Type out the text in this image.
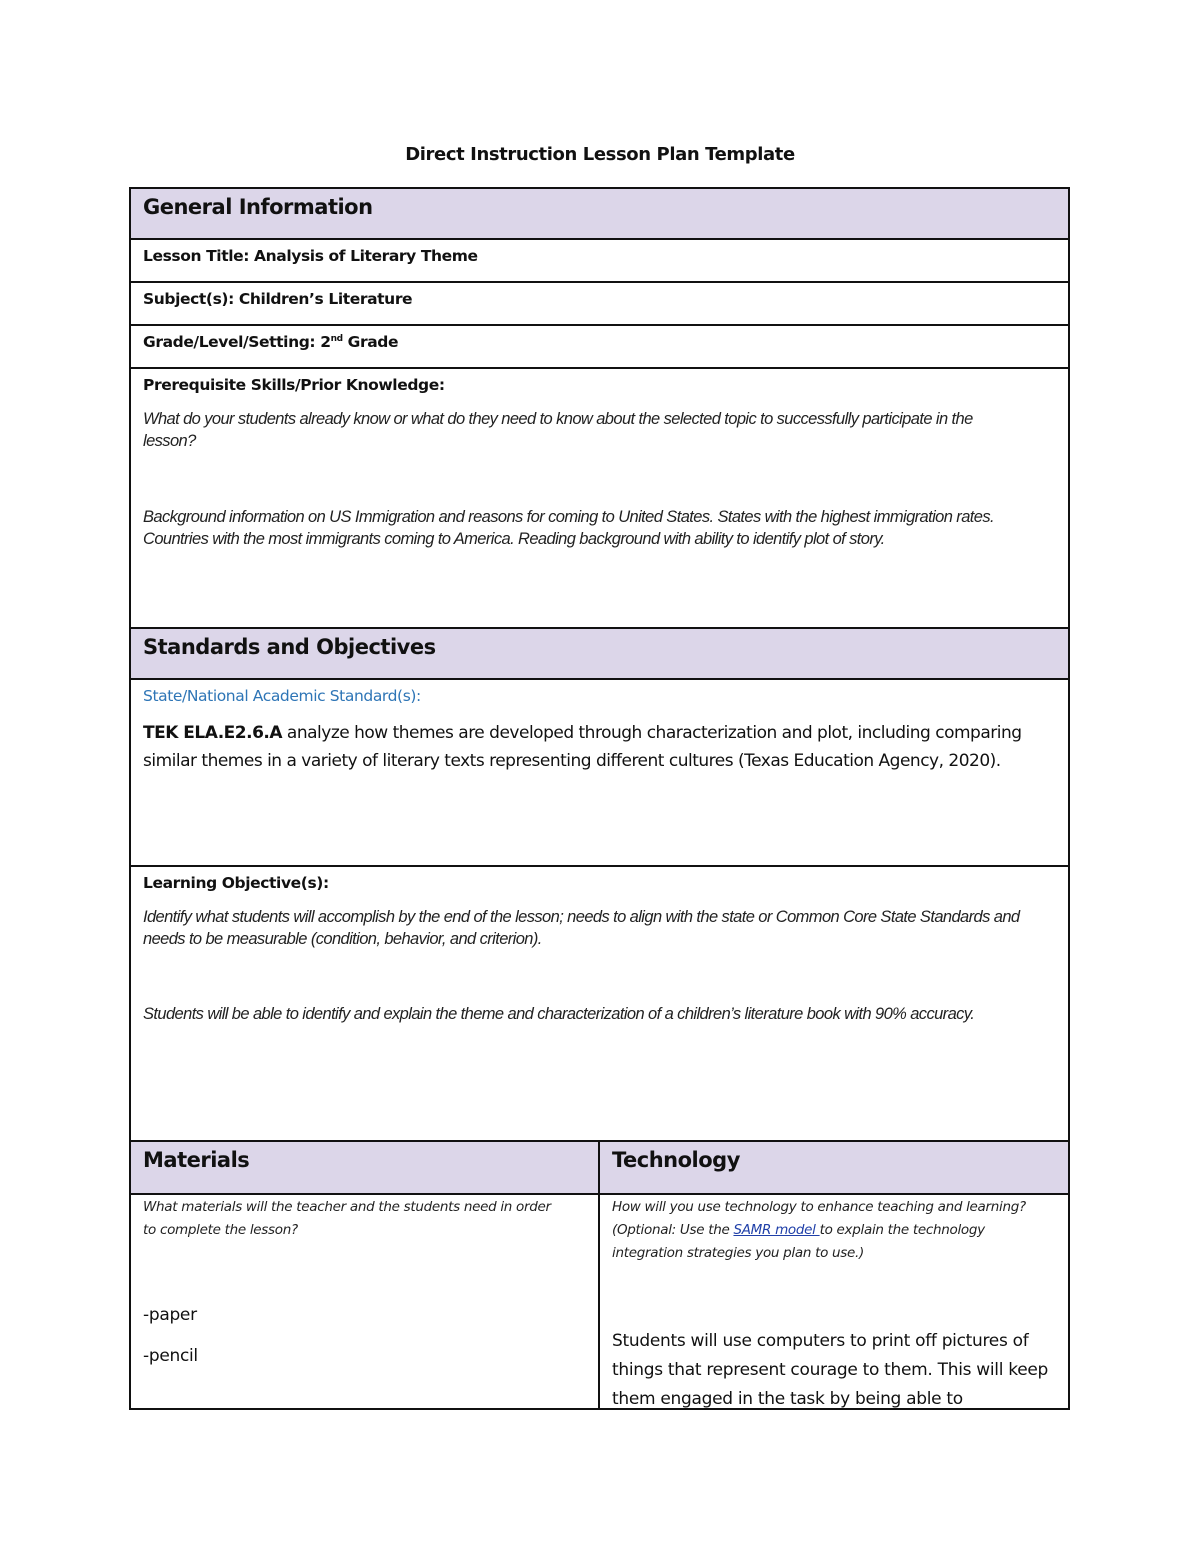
Direct Instruction Lesson Plan Template
General Information
Lesson Title: Analysis of Literary Theme
Subject(s): Children’s Literature
Grade/Level/Setting: 2nd Grade
Prerequisite Skills/Prior Knowledge:
What do your students already know or what do they need to know about the selected topic to successfully participate in the lesson?
Background information on US Immigration and reasons for coming to United States. States with the highest immigration rates. Countries with the most immigrants coming to America. Reading background with ability to identify plot of story.
Standards and Objectives
State/National Academic Standard(s):
TEK ELA.E2.6.A analyze how themes are developed through characterization and plot, including comparing similar themes in a variety of literary texts representing different cultures (Texas Education Agency, 2020).
Learning Objective(s):
Identify what students will accomplish by the end of the lesson; needs to align with the state or Common Core State Standards and needs to be measurable (condition, behavior, and criterion).
Students will be able to identify and explain the theme and characterization of a children’s literature book with 90% accuracy.
Materials	Technology
What materials will the teacher and the students need in order to complete the lesson?
-paper
-pencil
How will you use technology to enhance teaching and learning? (Optional: Use the SAMR model to explain the technology integration strategies you plan to use.)
Students will use computers to print off pictures of things that represent courage to them. This will keep them engaged in the task by being able to
